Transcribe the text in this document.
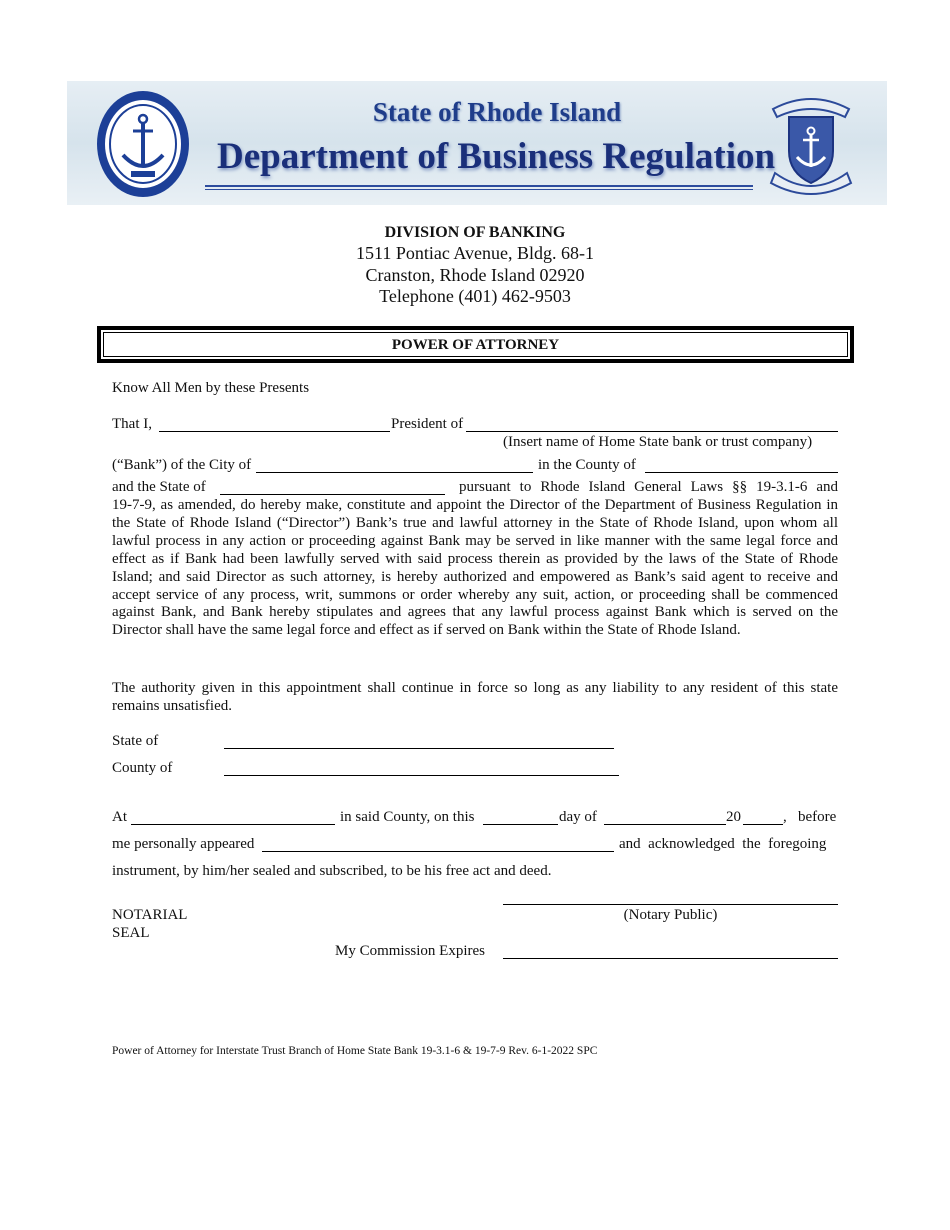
State of Rhode Island
Department of Business Regulation
DIVISION OF BANKING
1511 Pontiac Avenue, Bldg. 68-1
Cranston, Rhode Island 02920
Telephone (401) 462-9503
POWER OF ATTORNEY
Know All Men by these Presents
That I,	President of
(Insert name of Home State bank or trust company)
(“Bank”) of the City of	in the County of
and the State of	pursuant to Rhode Island General Laws §§ 19-3.1-6 and
19-7-9, as amended, do hereby make, constitute and appoint the Director of the Department of Business Regulation in the State of Rhode Island (“Director”) Bank’s true and lawful attorney in the State of Rhode Island, upon whom all lawful process in any action or proceeding against Bank may be served in like manner with the same legal force and effect as if Bank had been lawfully served with said process therein as provided by the laws of the State of Rhode Island; and said Director as such attorney, is hereby authorized and empowered as Bank’s said agent to receive and accept service of any process, writ, summons or order whereby any suit, action, or proceeding shall be commenced against Bank, and Bank hereby stipulates and agrees that any lawful process against Bank which is served on the Director shall have the same legal force and effect as if served on Bank within the State of Rhode Island.
The authority given in this appointment shall continue in force so long as any liability to any resident of this state remains unsatisfied.
State of
County of
At	in said County, on this	day of	20	,   before
me personally appeared	and  acknowledged  the  foregoing
instrument, by him/her sealed and subscribed, to be his free act and deed.
(Notary Public)
NOTARIAL
SEAL
My Commission Expires
Power of Attorney for Interstate Trust Branch of Home State Bank 19-3.1-6 & 19-7-9 Rev. 6-1-2022 SPC
